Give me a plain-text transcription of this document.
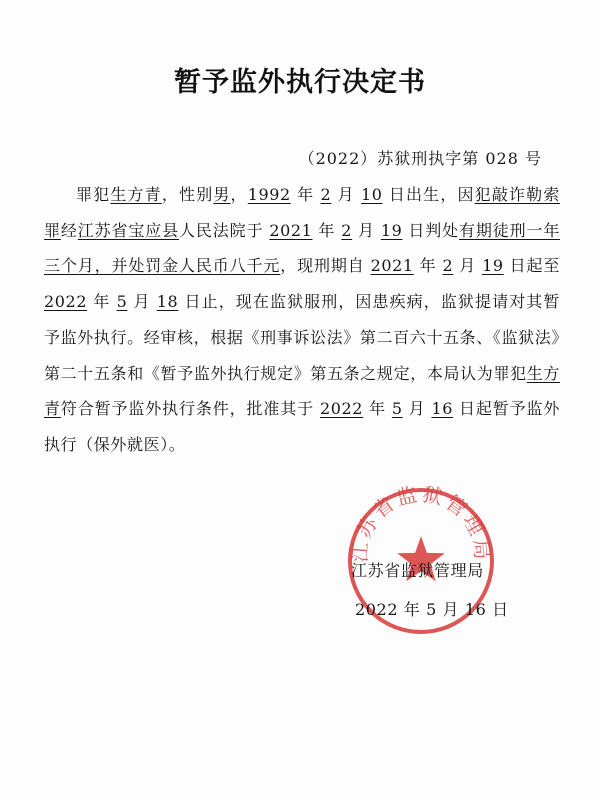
暂予监外执行决定书
（2022）苏狱刑执字第 028 号

罪犯生方青，性别男，1992 年 2 月 10 日出生，因犯敲诈勒索罪经江苏省宝应县人民法院于 2021 年 2 月 19 日判处有期徒刑一年三个月，并处罚金人民币八千元，现刑期自 2021 年 2 月 19 日起至 2022 年 5 月 18 日止，现在监狱服刑，因患疾病，监狱提请对其暂予监外执行。经审核，根据《刑事诉讼法》第二百六十五条、《监狱法》第二十五条和《暂予监外执行规定》第五条之规定，本局认为罪犯生方青符合暂予监外执行条件，批准其于 2022 年 5 月 16 日起暂予监外执行（保外就医）。

江苏省监狱管理局
江苏省监狱管理局
2022 年 5 月 16 日
